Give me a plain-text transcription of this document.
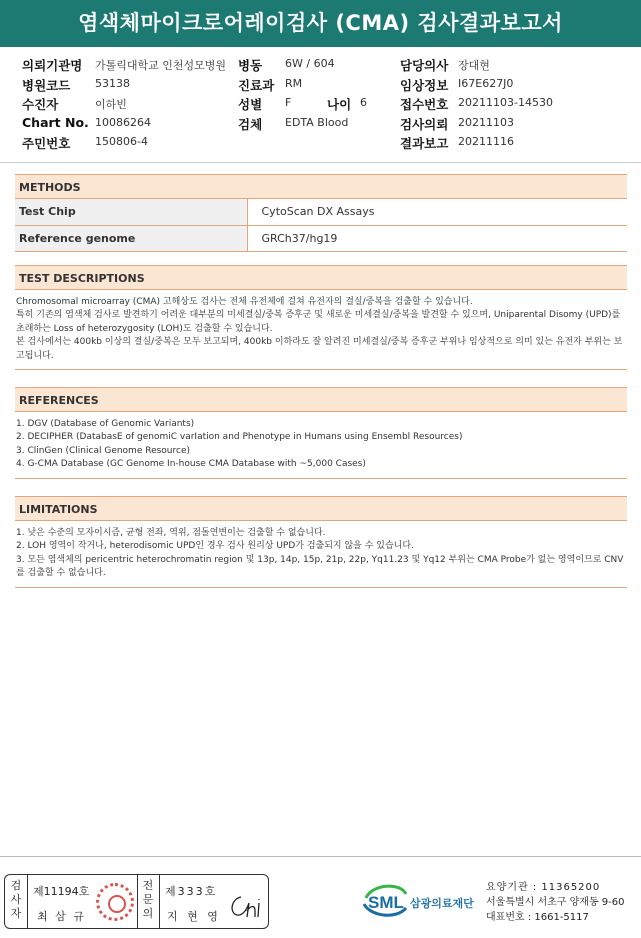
염색체마이크로어레이검사 (CMA) 검사결과보고서
의뢰기관명 가톨릭대학교 인천성모병원 병동 6W / 604	담당의사 장대현
병원코드 53138	진료과 RM	임상정보 I67E627J0
수진자	이하빈	성별 F	나이 6	접수번호 20211103-14530
Chart No. 10086264	검체 EDTA Blood	검사의뢰 20211103
주민번호 150806-4	결과보고 20211116
METHODS
Test Chip	CytoScan DX Assays
Reference genome	GRCh37/hg19
TEST DESCRIPTIONS

Chromosomal microarray (CMA) 고해상도 검사는 전체 유전체에 걸쳐 유전자의 결실/중복을 검출할 수 있습니다.

특히 기존의 염색체 검사로 발견하기 어려운 대부분의 미세결실/중복 증후군 및 새로운 미세결실/중복을 발견할 수 있으며, Uniparental Disomy (UPD)를 초래하는 Loss of heterozygosity (LOH)도 검출할 수 있습니다.

본 검사에서는 400kb 이상의 결실/중복은 모두 보고되며, 400kb 이하라도 잘 알려진 미세결실/중복 증후군 부위나 임상적으로 의미 있는 유전자 부위는 보고됩니다.

REFERENCES

1. DGV (Database of Genomic Variants)

2. DECIPHER (DatabasE of genomiC varIation and Phenotype in Humans using Ensembl Resources)

3. ClinGen (Clinical Genome Resource)

4. G-CMA Database (GC Genome In-house CMA Database with ~5,000 Cases)

LIMITATIONS

1. 낮은 수준의 모자이시즘, 균형 전좌, 역위, 점돌연변이는 검출할 수 없습니다.

2. LOH 영역이 작거나, heterodisomic UPD인 경우 검사 원리상 UPD가 검출되지 않을 수 있습니다.

3. 모든 염색체의 pericentric heterochromatin region 및 13p, 14p, 15p, 21p, 22p, Yq11.23 및 Yq12 부위는 CMA Probe가 없는 영역이므로 CNV를 검출할 수 없습니다.

검
사
자
제11194호
최 삼 규
전
문
의
제333호
지 현 영
SML 삼광의료재단
요양기관 : 11365200
서울특별시 서초구 양재동 9-60
대표번호 : 1661-5117
